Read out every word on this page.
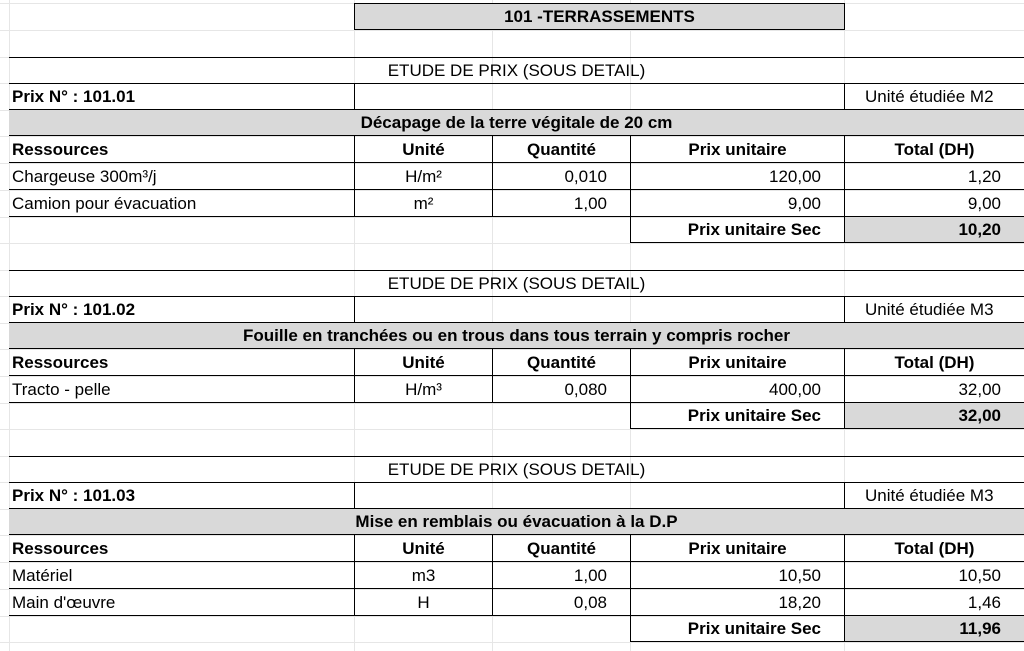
101 -TERRASSEMENTS
ETUDE DE PRIX (SOUS DETAIL)
Prix N° : 101.01	Unité étudiée M2
Décapage de la terre végitale de 20 cm
Ressources	Unité	Quantité	Prix unitaire	Total (DH)
Chargeuse 300m³/j	H/m²	0,010	120,00	1,20
Camion pour évacuation	m²	1,00	9,00	9,00
Prix unitaire Sec	10,20
ETUDE DE PRIX (SOUS DETAIL)
Prix N° : 101.02	Unité étudiée M3
Fouille en tranchées ou en trous dans tous terrain y compris rocher
Ressources	Unité	Quantité	Prix unitaire	Total (DH)
Tracto - pelle	H/m³	0,080	400,00	32,00
Prix unitaire Sec	32,00
ETUDE DE PRIX (SOUS DETAIL)
Prix N° : 101.03	Unité étudiée M3
Mise en remblais ou évacuation à la D.P
Ressources	Unité	Quantité	Prix unitaire	Total (DH)
Matériel	m3	1,00	10,50	10,50
Main d'œuvre	H	0,08	18,20	1,46
Prix unitaire Sec	11,96
